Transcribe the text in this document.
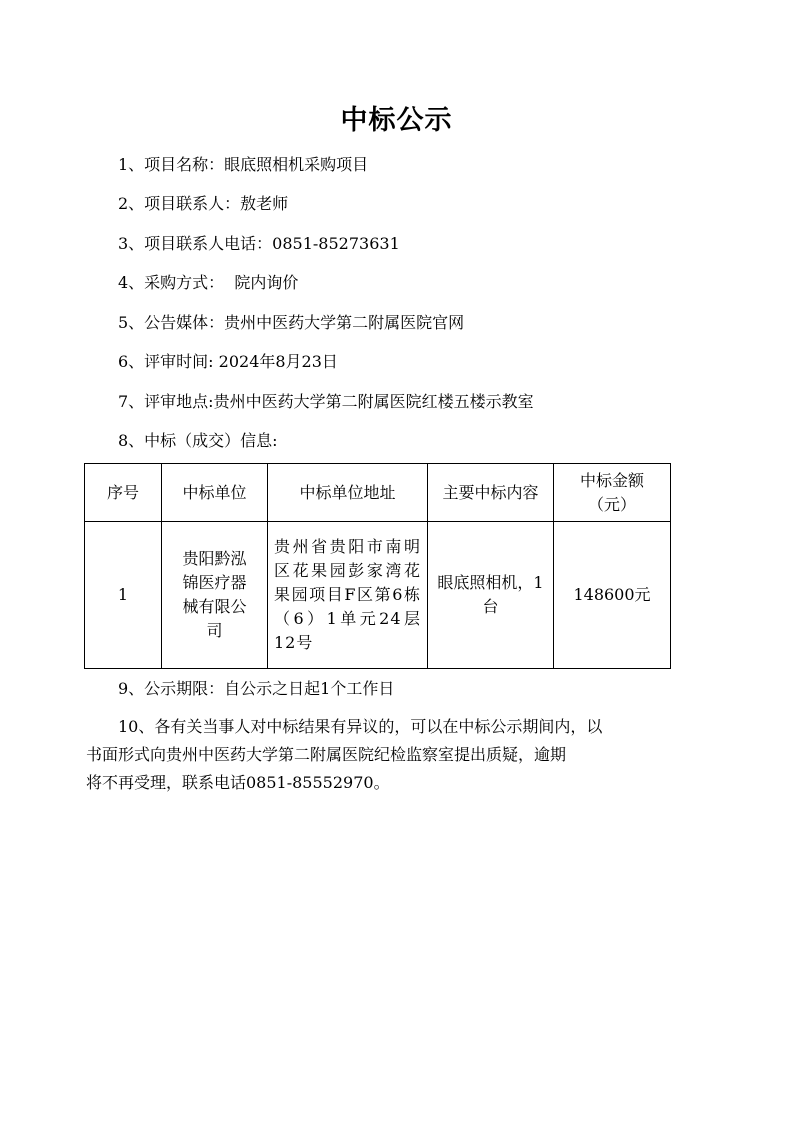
中标公示
1、项目名称：眼底照相机采购项目
2、项目联系人：敖老师
3、项目联系人电话：0851-85273631
4、采购方式：  院内询价
5、公告媒体：贵州中医药大学第二附属医院官网
6、评审时间: 2024年8月23日
7、评审地点:贵州中医药大学第二附属医院红楼五楼示教室
8、中标（成交）信息:
序号	中标单位	中标单位地址	主要中标内容	中标金额（元）
1	贵阳黔泓锦医疗器械有限公司	贵州省贵阳市南明区花果园彭家湾花果园项目F区第6栋（6）1单元24层12号	眼底照相机，1台	148600元
9、公示期限：自公示之日起1个工作日
10、各有关当事人对中标结果有异议的，可以在中标公示期间内，以
书面形式向贵州中医药大学第二附属医院纪检监察室提出质疑，逾期
将不再受理，联系电话0851-85552970。
